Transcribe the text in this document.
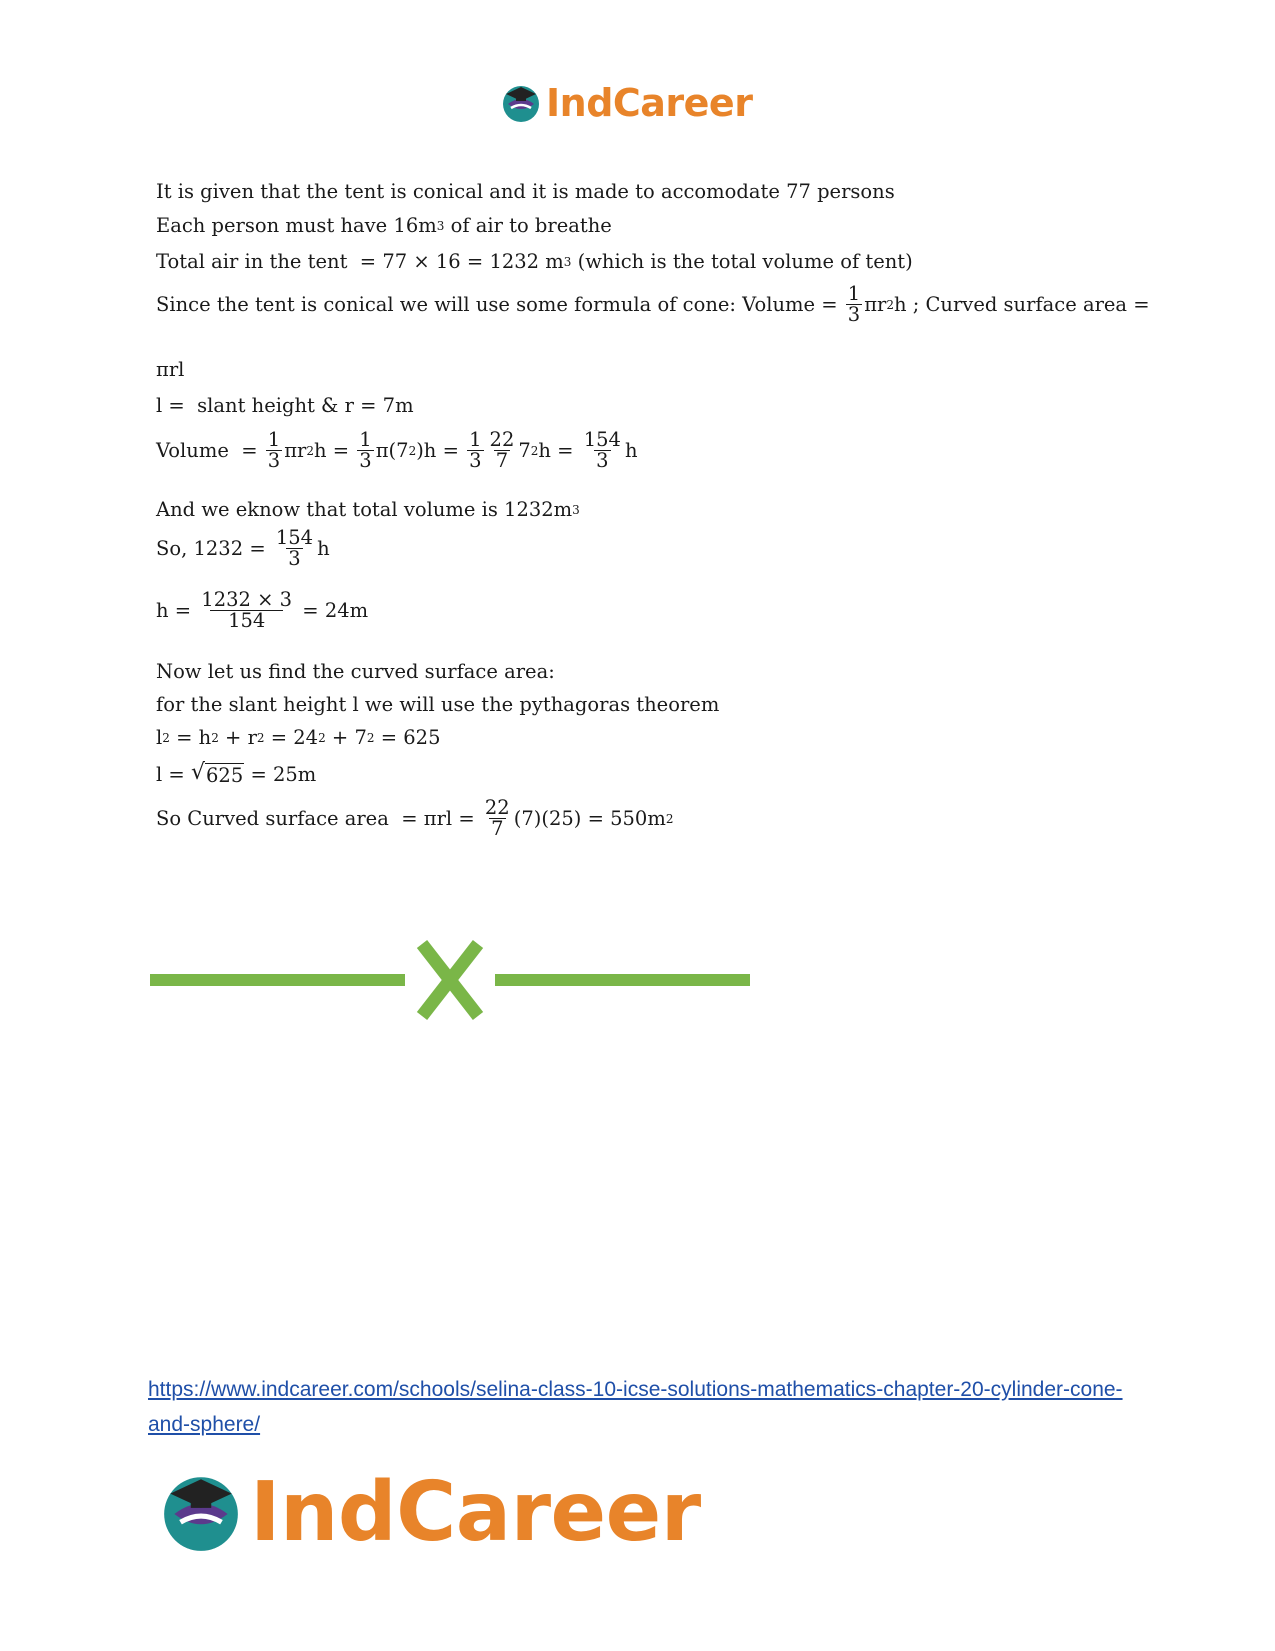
IndCareer
It is given that the tent is conical and it is made to accomodate 77 persons
Each person must have 16m 3 of air to breathe
Total air in the tent  = 77 × 16 = 1232 m 3 (which is the total volume of tent)
Since the tent is conical we will use some formula of cone: Volume = $\frac{1}{3}$ πr 2 h ; Curved surface area =
πrl
l =  slant height & r = 7m
Volume  = $\frac{1}{3}$ πr 2 $h = \frac{1}{3} \pi(7$ 2 )$h = \frac{1}{3} \frac{22}{7} 7$ 2 $h = \frac{154}{3}$ h
And we eknow that total volume is 1232m 3
So, $1232 = \frac{154}{3}$ h
$h = \frac{1232 \times 3}{154} = 24m$
Now let us find the curved surface area:
for the slant height l we will use the pythagoras theorem
l 2 = h 2 + r 2 = 24 2 + 7 2 = 625
l = √ 625 = 25m
So Curved surface area  = $\pi rl = \frac{22}{7} (7)(25) = 550m$ 2
https://www.indcareer.com/schools/selina-class-10-icse-solutions-mathematics-chapter-20-cylinder-cone-and-sphere/
IndCareer
